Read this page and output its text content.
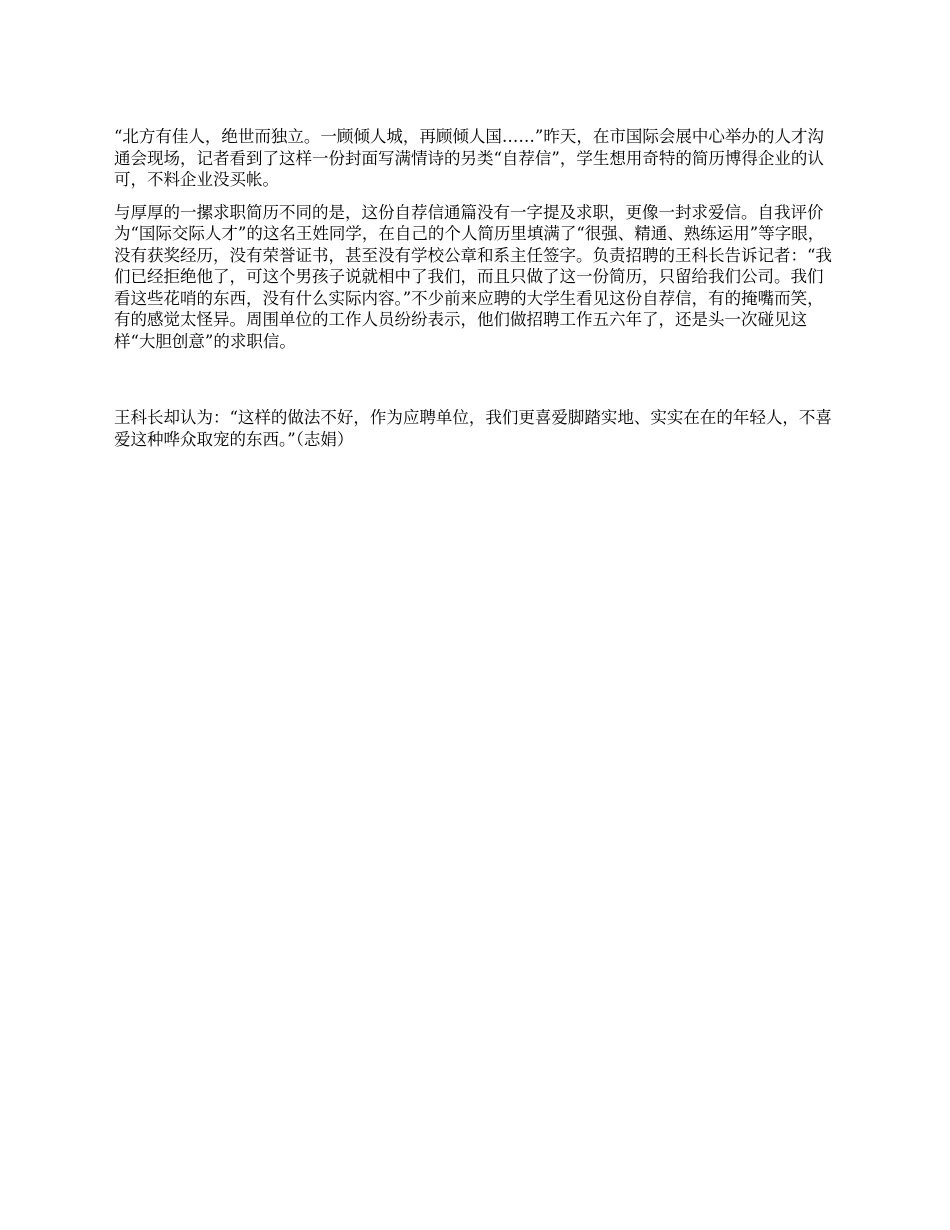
“北方有佳人，绝世而独立。一顾倾人城，再顾倾人国……”昨天，在市国际会展中心举办的人才沟通会现场，记者看到了这样一份封面写满情诗的另类“自荐信”，学生想用奇特的简历博得企业的认可，不料企业没买帐。

与厚厚的一摞求职简历不同的是，这份自荐信通篇没有一字提及求职，更像一封求爱信。自我评价为“国际交际人才”的这名王姓同学，在自己的个人简历里填满了“很强、精通、熟练运用”等字眼，没有获奖经历，没有荣誉证书，甚至没有学校公章和系主任签字。负责招聘的王科长告诉记者：“我们已经拒绝他了，可这个男孩子说就相中了我们，而且只做了这一份简历，只留给我们公司。我们看这些花哨的东西，没有什么实际内容。”不少前来应聘的大学生看见这份自荐信，有的掩嘴而笑，有的感觉太怪异。周围单位的工作人员纷纷表示，他们做招聘工作五六年了，还是头一次碰见这样“大胆创意”的求职信。

王科长却认为：“这样的做法不好，作为应聘单位，我们更喜爱脚踏实地、实实在在的年轻人，不喜爱这种哗众取宠的东西。”（志娟）
